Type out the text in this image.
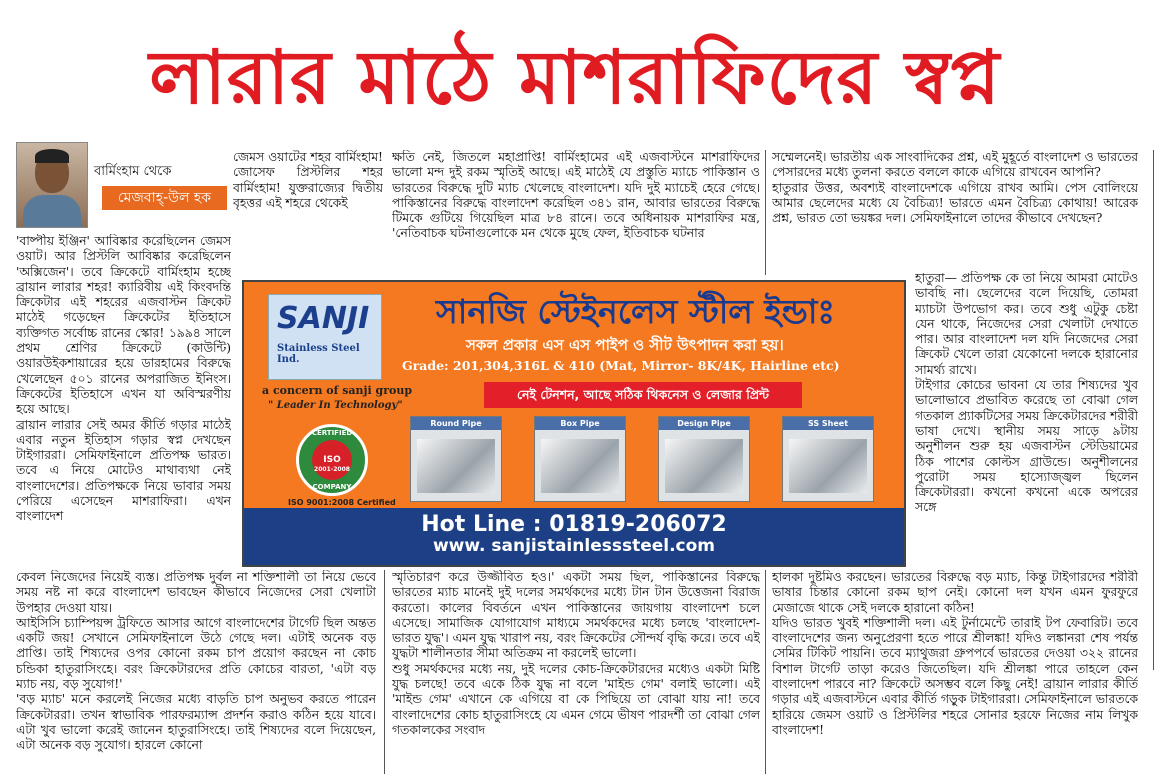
লারার মাঠে মাশরাফিদের স্বপ্ন
বার্মিংহাম থেকে
মেজবাহ্-উল হক

'বাষ্পীয় ইঞ্জিন' আবিষ্কার করেছিলেন জেমস ওয়াট। আর প্রিস্টলি আবিষ্কার করেছিলেন 'অক্সিজেন'। তবে ক্রিকেটে বার্মিংহাম হচ্ছে ব্রায়ান লারার শহর! ক্যারিবীয় এই কিংবদন্তি ক্রিকেটার এই শহরের এজবাস্টন ক্রিকেট মাঠেই গড়েছেন ক্রিকেটের ইতিহাসে ব্যক্তিগত সর্বোচ্চ রানের স্কোর! ১৯৯৪ সালে প্রথম শ্রেণির ক্রিকেটে (কাউন্টি) ওয়ারউইকশায়ারের হয়ে ডারহামের বিরুদ্ধে খেলেছেন ৫০১ রানের অপরাজিত ইনিংস। ক্রিকেটের ইতিহাসে এখন যা অবিস্মরণীয় হয়ে আছে।

ব্রায়ান লারার সেই অমর কীর্তি গড়ার মাঠেই এবার নতুন ইতিহাস গড়ার স্বপ্ন দেখছেন টাইগাররা। সেমিফাইনালে প্রতিপক্ষ ভারত। তবে এ নিয়ে মোটেও মাথাব্যথা নেই বাংলাদেশের। প্রতিপক্ষকে নিয়ে ভাবার সময় পেরিয়ে এসেছেন মাশরাফিরা। এখন বাংলাদেশ

জেমস ওয়াটের শহর বার্মিংহাম! জোসেফ প্রিস্টলির শহর বার্মিংহাম! যুক্তরাজ্যের দ্বিতীয় বৃহত্তর এই শহরে থেকেই

ক্ষতি নেই, জিতলে মহাপ্রাপ্তি! বার্মিংহামের এই এজবাস্টনে মাশরাফিদের ভালো মন্দ দুই রকম স্মৃতিই আছে। এই মাঠেই যে প্রস্তুতি ম্যাচে পাকিস্তান ও ভারতের বিরুদ্ধে দুটি ম্যাচ খেলেছে বাংলাদেশ। যদি দুই ম্যাচেই হেরে গেছে। পাকিস্তানের বিরুদ্ধে বাংলাদেশ করেছিল ৩৪১ রান, আবার ভারতের বিরুদ্ধে টিমকে গুটিয়ে গিয়েছিল মাত্র ৮৪ রানে। তবে অধিনায়ক মাশরাফির মন্ত্র, 'নেতিবাচক ঘটনাগুলোকে মন থেকে মুছে ফেল, ইতিবাচক ঘটনার

সম্মেলনেই। ভারতীয় এক সাংবাদিকের প্রশ্ন, এই মুহূর্তে বাংলাদেশ ও ভারতের পেসারদের মধ্যে তুলনা করতে বললে কাকে এগিয়ে রাখবেন আপনি?

হাতুরার উত্তর, অবশ্যই বাংলাদেশকে এগিয়ে রাখব আমি। পেস বোলিংয়ে আমার ছেলেদের মধ্যে যে বৈচিত্র্য! ভারতে এমন বৈচিত্র্য কোথায়! আরেক প্রশ্ন, ভারত তো ভয়ঙ্কর দল। সেমিফাইনালে তাদের কীভাবে দেখছেন?

হাতুরা— প্রতিপক্ষ কে তা নিয়ে আমরা মোটেও ভাবছি না। ছেলেদের বলে দিয়েছি, তোমরা ম্যাচটা উপভোগ কর। তবে শুধু এটুকু চেষ্টা যেন থাকে, নিজেদের সেরা খেলাটা দেখাতে পার। আর বাংলাদেশ দল যদি নিজেদের সেরা ক্রিকেট খেলে তারা যেকোনো দলকে হারানোর সামর্থ্য রাখে।

টাইগার কোচের ভাবনা যে তার শিষ্যদের খুব ভালোভাবে প্রভাবিত করেছে তা বোঝা গেল গতকাল প্র্যাকটিসের সময় ক্রিকেটারদের শরীরী ভাষা দেখে। স্থানীয় সময় সাড়ে ৯টায় অনুশীলন শুরু হয় এজবাস্টন স্টেডিয়ামের ঠিক পাশের কোল্টস গ্রাউন্ডে। অনুশীলনের পুরোটা সময় হাস্যোজ্জ্বল ছিলেন ক্রিকেটাররা। কখনো কখনো একে অপরের সঙ্গে

কেবল নিজেদের নিয়েই ব্যস্ত। প্রতিপক্ষ দুর্বল না শক্তিশালী তা নিয়ে ভেবে সময় নষ্ট না করে বাংলাদেশ ভাবছেন কীভাবে নিজেদের সেরা খেলাটা উপহার দেওয়া যায়।

আইসিসি চ্যাম্পিয়ন্স ট্রফিতে আসার আগে বাংলাদেশের টার্গেট ছিল অন্তত একটি জয়! সেখানে সেমিফাইনালে উঠে গেছে দল। এটাই অনেক বড় প্রাপ্তি। তাই শিষ্যদের ওপর কোনো রকম চাপ প্রয়োগ করছেন না কোচ চন্ডিকা হাতুরাসিংহে। বরং ক্রিকেটারদের প্রতি কোচের বারতা, 'এটা বড় ম্যাচ নয়, বড় সুযোগ!'

'বড় ম্যাচ' মনে করলেই নিজের মধ্যে বাড়তি চাপ অনুভব করতে পারেন ক্রিকেটাররা। তখন স্বাভাবিক পারফরম্যান্স প্রদর্শন করাও কঠিন হয়ে যাবে। এটা খুব ভালো করেই জানেন হাতুরাসিংহে। তাই শিষ্যদের বলে দিয়েছেন, এটা অনেক বড় সুযোগ। হারলে কোনো

স্মৃতিচারণ করে উজ্জীবিত হও।' একটা সময় ছিল, পাকিস্তানের বিরুদ্ধে ভারতের ম্যাচ মানেই দুই দলের সমর্থকদের মধ্যে টান টান উত্তেজনা বিরাজ করতো। কালের বিবর্তনে এখন পাকিস্তানের জায়গায় বাংলাদেশ চলে এসেছে। সামাজিক যোগাযোগ মাধ্যমে সমর্থকদের মধ্যে চলছে 'বাংলাদেশ-ভারত যুদ্ধ'। এমন যুদ্ধ খারাপ নয়, বরং ক্রিকেটের সৌন্দর্য বৃদ্ধি করে। তবে এই যুদ্ধটা শালীনতার সীমা অতিক্রম না করলেই ভালো।

শুধু সমর্থকদের মধ্যে নয়, দুই দলের কোচ-ক্রিকেটারদের মধ্যেও একটা মিষ্টি যুদ্ধ চলছে! তবে একে ঠিক যুদ্ধ না বলে 'মাইন্ড গেম' বলাই ভালো। এই 'মাইন্ড গেম' এখানে কে এগিয়ে বা কে পিছিয়ে তা বোঝা যায় না! তবে বাংলাদেশের কোচ হাতুরাসিংহে যে এমন গেমে ভীষণ পারদর্শী তা বোঝা গেল গতকালকের সংবাদ

হালকা দুষ্টমিও করছেন। ভারতের বিরুদ্ধে বড় ম্যাচ, কিন্তু টাইগারদের শরীরী ভাষার চিন্তার কোনো রকম ছাপ নেই। কোনো দল যখন এমন ফুরফুরে মেজাজে থাকে সেই দলকে হারানো কঠিন!

যদিও ভারত খুবই শক্তিশালী দল। এই টুর্নামেন্টে তারাই টপ ফেবারিট। তবে বাংলাদেশের জন্য অনুপ্রেরণা হতে পারে শ্রীলঙ্কা! যদিও লঙ্কানরা শেষ পর্যন্ত সেমির টিকিট পায়নি। তবে ম্যাথুজরা গ্রুপপর্বে ভারতের দেওয়া ৩২২ রানের বিশাল টার্গেট তাড়া করেও জিতেছিল। যদি শ্রীলঙ্কা পারে তাহলে কেন বাংলাদেশ পারবে না? ক্রিকেটে অসম্ভব বলে কিছু নেই! ব্রায়ান লারার কীর্তি গড়ার এই এজবাস্টনে এবার কীর্তি গড়ুক টাইগাররা। সেমিফাইনালে ভারতকে হারিয়ে জেমস ওয়াট ও প্রিস্টলির শহরে সোনার হরফে নিজের নাম লিখুক বাংলাদেশ!

SANJI
Stainless Steel Ind.
a concern of sanji group
" Leader In Technology"
সানজি স্টেইনলেস স্টীল ইন্ডাঃ
সকল প্রকার এস এস পাইপ ও সীট উৎপাদন করা হয়।
Grade: 201,304,316L & 410 (Mat, Mirror- 8K/4K, Hairline etc)
নেই টেনশন, আছে সঠিক থিকনেস ও লেজার প্রিন্ট
CERTIFIED
ISO
2001-2008
COMPANY
ISO 9001:2008 Certified
Round Pipe	Box Pipe	Design Pipe	SS Sheet
Hot Line : 01819-206072
www. sanjistainlesssteel.com
